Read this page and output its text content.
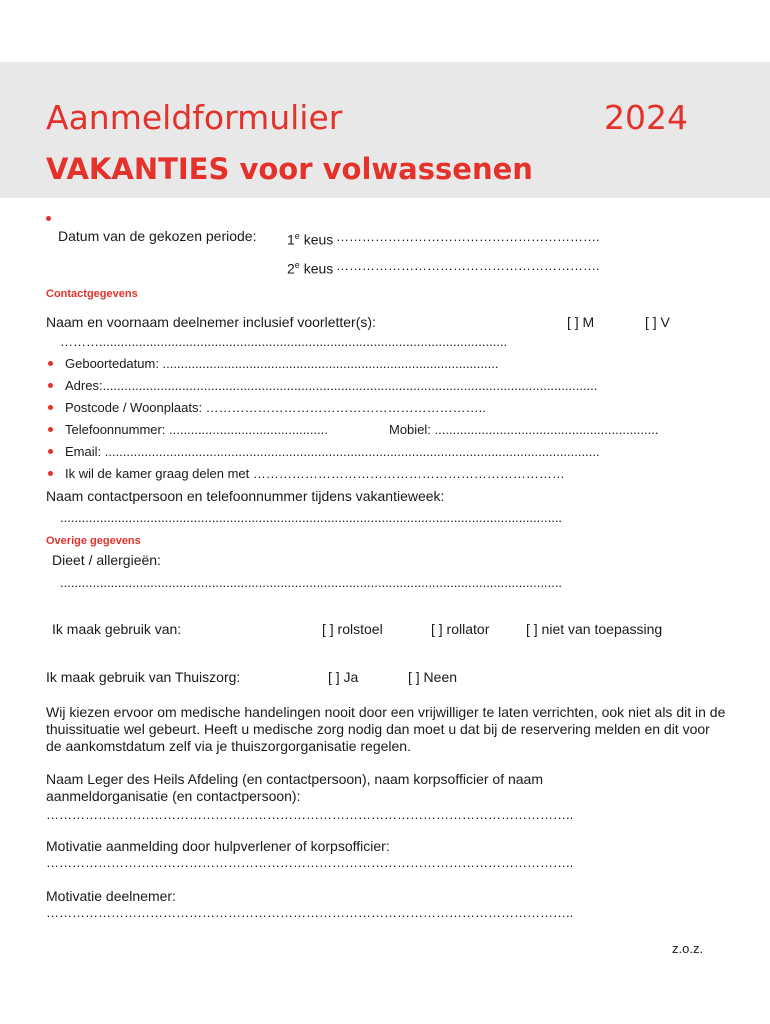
Aanmeldformulier	2024
VAKANTIES voor volwassenen
Datum van de gekozen periode: 1e keus …………………………………………………….
2e keus …………………………………………………….
Contactgegevens
Naam en voornaam deelnemer inclusief voorletter(s):	[ ] M	[ ] V
……….................................................................................................................
Geboortedatum: .............................................................................................
Adres:.........................................................................................................................................
Postcode / Woonplaats: ………………………………………………………..
Telefoonnummer: ............................................	Mobiel: ..............................................................
Email: .........................................................................................................................................
Ik wil de kamer graag delen met ………………………………………………………………
Naam contactpersoon en telefoonnummer tijdens vakantieweek:
...........................................................................................................................................
Overige gegevens
Dieet / allergieën:
...........................................................................................................................................
Ik maak gebruik van:	[ ] rolstoel	[ ] rollator	[ ] niet van toepassing
Ik maak gebruik van Thuiszorg:	[ ] Ja	[ ] Neen
Wij kiezen ervoor om medische handelingen nooit door een vrijwilliger te laten verrichten, ook niet als dit in de thuissituatie wel gebeurt. Heeft u medische zorg nodig dan moet u dat bij de reservering melden en dit voor de aankomstdatum zelf via je thuiszorgorganisatie regelen.
Naam Leger des Heils Afdeling (en contactpersoon), naam korpsofficier of naam aanmeldorganisatie (en contactpersoon):
…………………………………………………………………………………………………………..
Motivatie aanmelding door hulpverlener of korpsofficier:
…………………………………………………………………………………………………………..
Motivatie deelnemer:
…………………………………………………………………………………………………………..
z.o.z.
